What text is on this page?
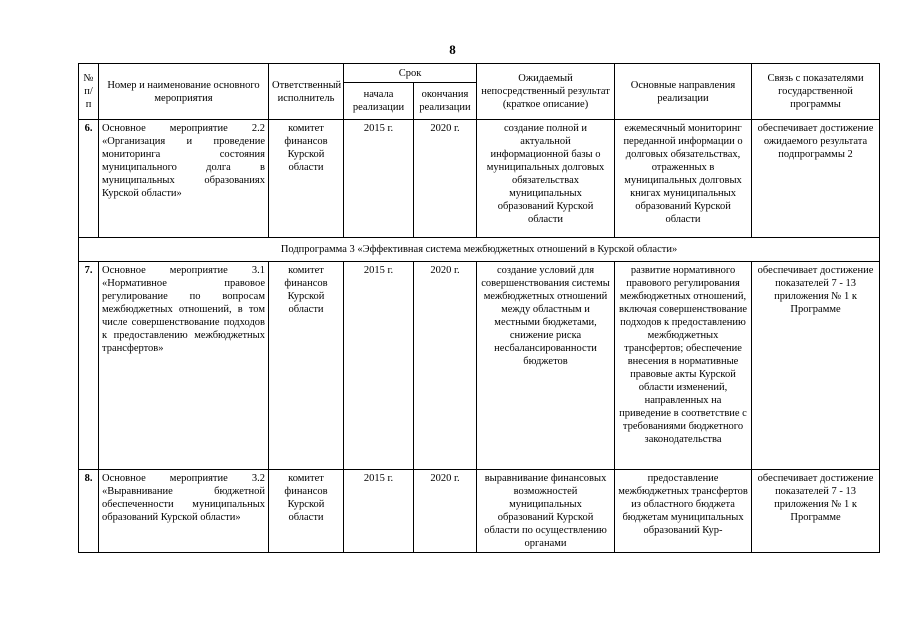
8
№ п/п	Номер и наименование основного мероприятия	Ответственный исполнитель	Срок		Ожидаемый непосредственный результат (краткое описание)	Основные направления реализации	Связь с показателями государственной программы
			начала реализации	окончания реализации			
6.	Основное мероприятие 2.2 «Организация и проведение мониторинга состояния муниципального долга в муниципальных образованиях Курской области»	комитет финансов Курской области	2015 г.	2020 г.	создание полной и актуальной информационной базы о муниципальных долговых обязательствах муниципальных образований Курской области	ежемесячный мониторинг переданной информации о долговых обязательствах, отраженных в муниципальных долговых книгах муниципальных образований Курской области	обеспечивает достижение ожидаемого результата подпрограммы 2
Подпрограмма 3 «Эффективная система межбюджетных отношений в Курской области»							
7.	Основное мероприятие 3.1 «Нормативное правовое регулирование по вопросам межбюджетных отношений, в том числе совершенствование подходов к предоставлению межбюджетных трансфертов»	комитет финансов Курской области	2015 г.	2020 г.	создание условий для совершенствования системы межбюджетных отношений между областным и местными бюджетами, снижение риска несбалансированности бюджетов	развитие нормативного правового регулирования межбюджетных отношений, включая совершенствование подходов к предоставлению межбюджетных трансфертов; обеспечение внесения в нормативные правовые акты Курской области изменений, направленных на приведение в соответствие с требованиями бюджетного законодательства	обеспечивает достижение показателей 7 - 13 приложения № 1 к Программе
8.	Основное мероприятие 3.2 «Выравнивание бюджетной обеспеченности муниципальных образований Курской области»	комитет финансов Курской области	2015 г.	2020 г.	выравнивание финансовых возможностей муниципальных образований Курской области по осуществлению органами	предоставление межбюджетных трансфертов из областного бюджета бюджетам муниципальных образований Кур-	обеспечивает достижение показателей 7 - 13 приложения № 1 к Программе
